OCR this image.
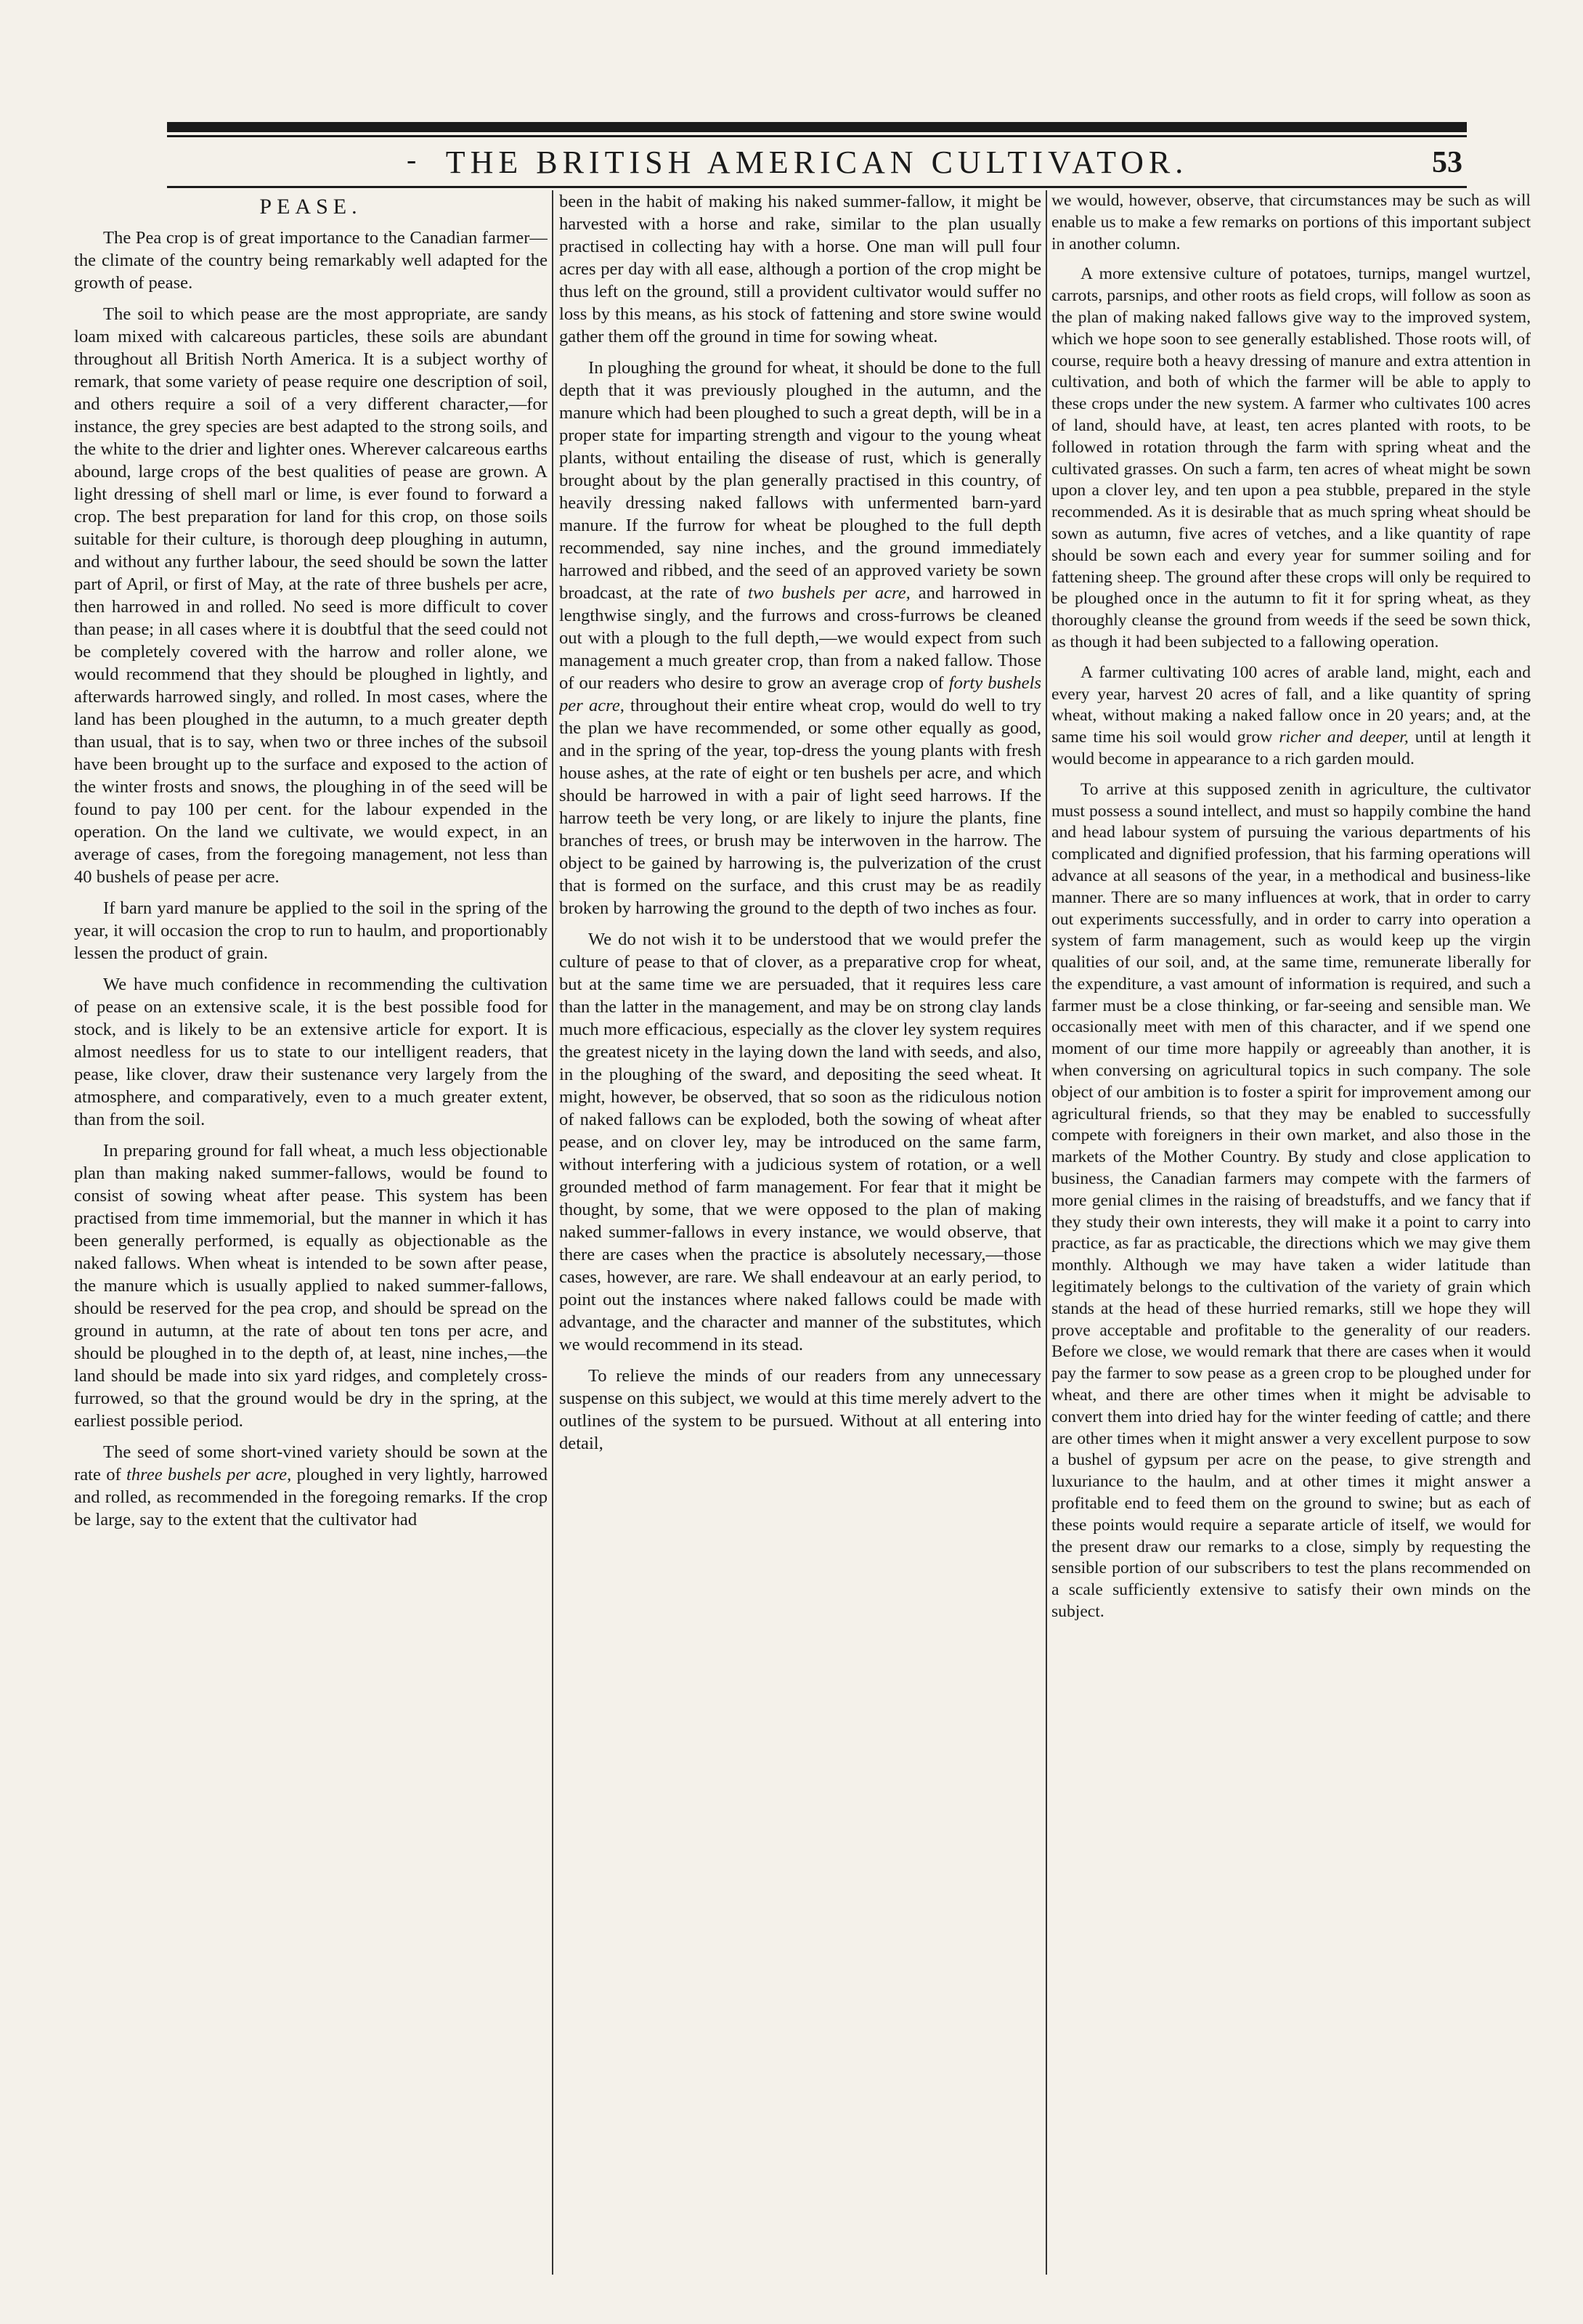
- THE BRITISH AMERICAN CULTIVATOR.	53
PEASE.

The Pea crop is of great importance to the Canadian farmer—the climate of the country being remarkably well adapted for the growth of pease.

The soil to which pease are the most appropriate, are sandy loam mixed with calcareous particles, these soils are abundant throughout all British North America. It is a subject worthy of remark, that some variety of pease require one description of soil, and others require a soil of a very different character,—for instance, the grey species are best adapted to the strong soils, and the white to the drier and lighter ones. Wherever calcareous earths abound, large crops of the best qualities of pease are grown. A light dressing of shell marl or lime, is ever found to forward a crop. The best preparation for land for this crop, on those soils suitable for their culture, is thorough deep ploughing in autumn, and without any further labour, the seed should be sown the latter part of April, or first of May, at the rate of three bushels per acre, then harrowed in and rolled. No seed is more difficult to cover than pease; in all cases where it is doubtful that the seed could not be completely covered with the harrow and roller alone, we would recommend that they should be ploughed in lightly, and afterwards harrowed singly, and rolled. In most cases, where the land has been ploughed in the autumn, to a much greater depth than usual, that is to say, when two or three inches of the subsoil have been brought up to the surface and exposed to the action of the winter frosts and snows, the ploughing in of the seed will be found to pay 100 per cent. for the labour expended in the operation. On the land we cultivate, we would expect, in an average of cases, from the foregoing management, not less than 40 bushels of pease per acre.

If barn yard manure be applied to the soil in the spring of the year, it will occasion the crop to run to haulm, and proportionably lessen the product of grain.

We have much confidence in recommending the cultivation of pease on an extensive scale, it is the best possible food for stock, and is likely to be an extensive article for export. It is almost needless for us to state to our intelligent readers, that pease, like clover, draw their sustenance very largely from the atmosphere, and comparatively, even to a much greater extent, than from the soil.

In preparing ground for fall wheat, a much less objectionable plan than making naked summer-fallows, would be found to consist of sowing wheat after pease. This system has been practised from time immemorial, but the manner in which it has been generally performed, is equally as objectionable as the naked fallows. When wheat is intended to be sown after pease, the manure which is usually applied to naked summer-fallows, should be reserved for the pea crop, and should be spread on the ground in autumn, at the rate of about ten tons per acre, and should be ploughed in to the depth of, at least, nine inches,—the land should be made into six yard ridges, and completely cross-furrowed, so that the ground would be dry in the spring, at the earliest possible period.

The seed of some short-vined variety should be sown at the rate of three bushels per acre, ploughed in very lightly, harrowed and rolled, as recommended in the foregoing remarks. If the crop be large, say to the extent that the cultivator had

been in the habit of making his naked summer-fallow, it might be harvested with a horse and rake, similar to the plan usually practised in collecting hay with a horse. One man will pull four acres per day with all ease, although a portion of the crop might be thus left on the ground, still a provident cultivator would suffer no loss by this means, as his stock of fattening and store swine would gather them off the ground in time for sowing wheat.

In ploughing the ground for wheat, it should be done to the full depth that it was previously ploughed in the autumn, and the manure which had been ploughed to such a great depth, will be in a proper state for imparting strength and vigour to the young wheat plants, without entailing the disease of rust, which is generally brought about by the plan generally practised in this country, of heavily dressing naked fallows with unfermented barn-yard manure. If the furrow for wheat be ploughed to the full depth recommended, say nine inches, and the ground immediately harrowed and ribbed, and the seed of an approved variety be sown broadcast, at the rate of two bushels per acre, and harrowed in lengthwise singly, and the furrows and cross-furrows be cleaned out with a plough to the full depth,—we would expect from such management a much greater crop, than from a naked fallow. Those of our readers who desire to grow an average crop of forty bushels per acre, throughout their entire wheat crop, would do well to try the plan we have recommended, or some other equally as good, and in the spring of the year, top-dress the young plants with fresh house ashes, at the rate of eight or ten bushels per acre, and which should be harrowed in with a pair of light seed harrows. If the harrow teeth be very long, or are likely to injure the plants, fine branches of trees, or brush may be interwoven in the harrow. The object to be gained by harrowing is, the pulverization of the crust that is formed on the surface, and this crust may be as readily broken by harrowing the ground to the depth of two inches as four.

We do not wish it to be understood that we would prefer the culture of pease to that of clover, as a preparative crop for wheat, but at the same time we are persuaded, that it requires less care than the latter in the management, and may be on strong clay lands much more efficacious, especially as the clover ley system requires the greatest nicety in the laying down the land with seeds, and also, in the ploughing of the sward, and depositing the seed wheat. It might, however, be observed, that so soon as the ridiculous notion of naked fallows can be exploded, both the sowing of wheat after pease, and on clover ley, may be introduced on the same farm, without interfering with a judicious system of rotation, or a well grounded method of farm management. For fear that it might be thought, by some, that we were opposed to the plan of making naked summer-fallows in every instance, we would observe, that there are cases when the practice is absolutely necessary,—those cases, however, are rare. We shall endeavour at an early period, to point out the instances where naked fallows could be made with advantage, and the character and manner of the substitutes, which we would recommend in its stead.

To relieve the minds of our readers from any unnecessary suspense on this subject, we would at this time merely advert to the outlines of the system to be pursued. Without at all entering into detail,

we would, however, observe, that circumstances may be such as will enable us to make a few remarks on portions of this important subject in another column.

A more extensive culture of potatoes, turnips, mangel wurtzel, carrots, parsnips, and other roots as field crops, will follow as soon as the plan of making naked fallows give way to the improved system, which we hope soon to see generally established. Those roots will, of course, require both a heavy dressing of manure and extra attention in cultivation, and both of which the farmer will be able to apply to these crops under the new system. A farmer who cultivates 100 acres of land, should have, at least, ten acres planted with roots, to be followed in rotation through the farm with spring wheat and the cultivated grasses. On such a farm, ten acres of wheat might be sown upon a clover ley, and ten upon a pea stubble, prepared in the style recommended. As it is desirable that as much spring wheat should be sown as autumn, five acres of vetches, and a like quantity of rape should be sown each and every year for summer soiling and for fattening sheep. The ground after these crops will only be required to be ploughed once in the autumn to fit it for spring wheat, as they thoroughly cleanse the ground from weeds if the seed be sown thick, as though it had been subjected to a fallowing operation.

A farmer cultivating 100 acres of arable land, might, each and every year, harvest 20 acres of fall, and a like quantity of spring wheat, without making a naked fallow once in 20 years; and, at the same time his soil would grow richer and deeper, until at length it would become in appearance to a rich garden mould.

To arrive at this supposed zenith in agriculture, the cultivator must possess a sound intellect, and must so happily combine the hand and head labour system of pursuing the various departments of his complicated and dignified profession, that his farming operations will advance at all seasons of the year, in a methodical and business-like manner. There are so many influences at work, that in order to carry out experiments successfully, and in order to carry into operation a system of farm management, such as would keep up the virgin qualities of our soil, and, at the same time, remunerate liberally for the expenditure, a vast amount of information is required, and such a farmer must be a close thinking, or far-seeing and sensible man. We occasionally meet with men of this character, and if we spend one moment of our time more happily or agreeably than another, it is when conversing on agricultural topics in such company. The sole object of our ambition is to foster a spirit for improvement among our agricultural friends, so that they may be enabled to successfully compete with foreigners in their own market, and also those in the markets of the Mother Country. By study and close application to business, the Canadian farmers may compete with the farmers of more genial climes in the raising of breadstuffs, and we fancy that if they study their own interests, they will make it a point to carry into practice, as far as practicable, the directions which we may give them monthly. Although we may have taken a wider latitude than legitimately belongs to the cultivation of the variety of grain which stands at the head of these hurried remarks, still we hope they will prove acceptable and profitable to the generality of our readers. Before we close, we would remark that there are cases when it would pay the farmer to sow pease as a green crop to be ploughed under for wheat, and there are other times when it might be advisable to convert them into dried hay for the winter feeding of cattle; and there are other times when it might answer a very excellent purpose to sow a bushel of gypsum per acre on the pease, to give strength and luxuriance to the haulm, and at other times it might answer a profitable end to feed them on the ground to swine; but as each of these points would require a separate article of itself, we would for the present draw our remarks to a close, simply by requesting the sensible portion of our subscribers to test the plans recommended on a scale sufficiently extensive to satisfy their own minds on the subject.
